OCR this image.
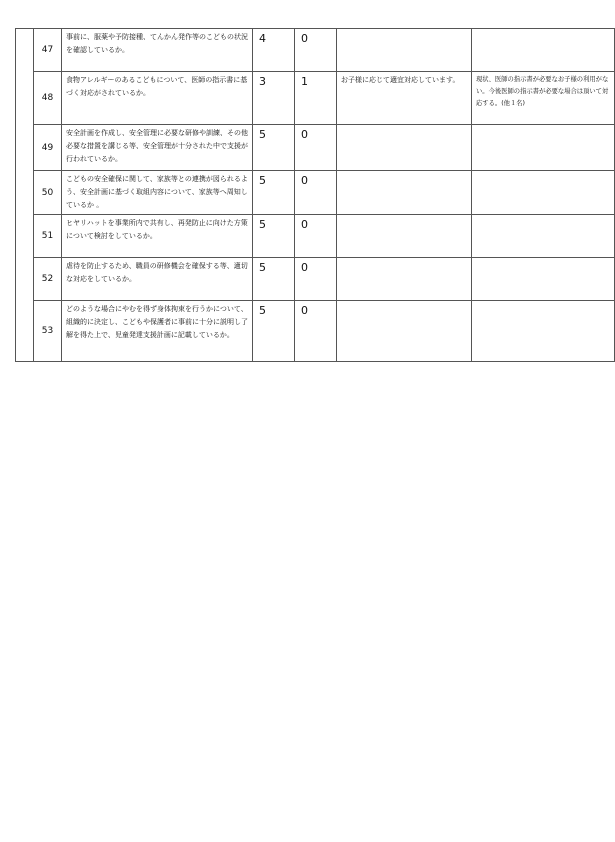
	47	事前に、服薬や予防接種、てんかん発作等のこどもの状況を確認しているか。	4	0		
	48	食物アレルギーのあるこどもについて、医師の指示書に基づく対応がされているか。	3	1	お子様に応じて適宜対応しています。	現状、医師の指示書が必要なお子様の利用がない。今後医師の指示書が必要な場合は頂いて対応する。(他１名)
	49	安全計画を作成し、安全管理に必要な研修や訓練、その他必要な措置を講じる等、安全管理が十分された中で支援が行われているか。	5	0		
	50	こどもの安全確保に関して、家族等との連携が図られるよう、安全計画に基づく取組内容について、家族等へ周知しているか 。	5	0		
	51	ヒヤリハットを事業所内で共有し、再発防止に向けた方策について検討をしているか。	5	0		
	52	虐待を防止するため、職員の研修機会を確保する等、適切な対応をしているか。	5	0		
	53	どのような場合にやむを得ず身体拘束を行うかについて、組織的に決定し、こどもや保護者に事前に十分に説明し了解を得た上で、児童発達支援計画に記載しているか。	5	0		
